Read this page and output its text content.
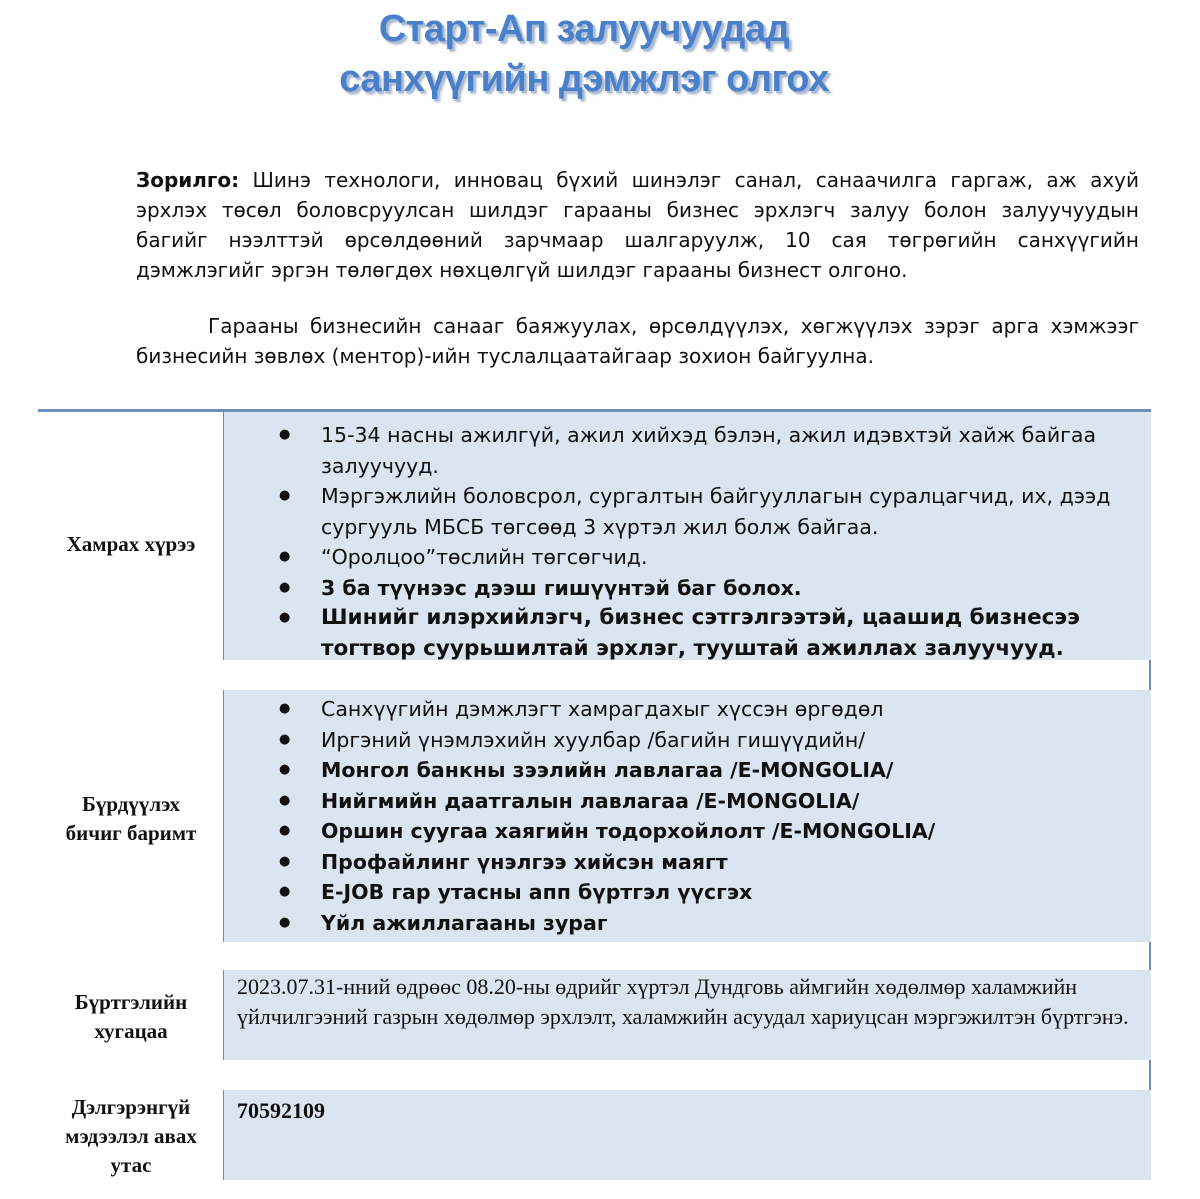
Старт-Ап залуучуудад
санхүүгийн дэмжлэг олгох
Зорилго: Шинэ технологи, инновац бүхий шинэлэг санал, санаачилга гаргаж, аж ахуй эрхлэх төсөл боловсруулсан шилдэг гарааны бизнес эрхлэгч залуу болон залуучуудын багийг нээлттэй өрсөлдөөний зарчмаар шалгаруулж, 10 сая төгрөгийн санхүүгийн дэмжлэгийг эргэн төлөгдөх нөхцөлгүй шилдэг гарааны бизнест олгоно.
Гарааны бизнесийн санааг баяжуулах, өрсөлдүүлэх, хөгжүүлэх зэрэг арга хэмжээг бизнесийн зөвлөх (ментор)-ийн туслалцаатайгаар зохион байгуулна.
Хамрах хүрээ
● 15-34 насны ажилгүй, ажил хийхэд бэлэн, ажил идэвхтэй хайж байгаа залуучууд.
● Мэргэжлийн боловсрол, сургалтын байгууллагын суралцагчид, их, дээд сургууль МБСБ төгсөөд 3 хүртэл жил болж байгаа.
● “Оролцоо”төслийн төгсөгчид.
● 3 ба түүнээс дээш гишүүнтэй баг болох.
● Шинийг илэрхийлэгч, бизнес сэтгэлгээтэй, цаашид бизнесээ тогтвор суурьшилтай эрхлэг, тууштай ажиллах залуучууд.
Бүрдүүлэх
бичиг баримт
● Санхүүгийн дэмжлэгт хамрагдахыг хүссэн өргөдөл
● Иргэний үнэмлэхийн хуулбар /багийн гишүүдийн/
● Монгол банкны зээлийн лавлагаа /E-MONGOLIA/
● Нийгмийн даатгалын лавлагаа /E-MONGOLIA/
● Оршин суугаа хаягийн тодорхойлолт /E-MONGOLIA/
● Профайлинг үнэлгээ хийсэн маягт
● E-JOB гар утасны апп бүртгэл үүсгэх
● Үйл ажиллагааны зураг
Бүртгэлийн
хугацаа
2023.07.31-нний өдрөөс 08.20-ны өдрийг хүртэл Дундговь аймгийн хөдөлмөр халамжийн үйлчилгээний газрын хөдөлмөр эрхлэлт, халамжийн асуудал хариуцсан мэргэжилтэн бүртгэнэ.
Дэлгэрэнгүй
мэдээлэл авах
утас
70592109
